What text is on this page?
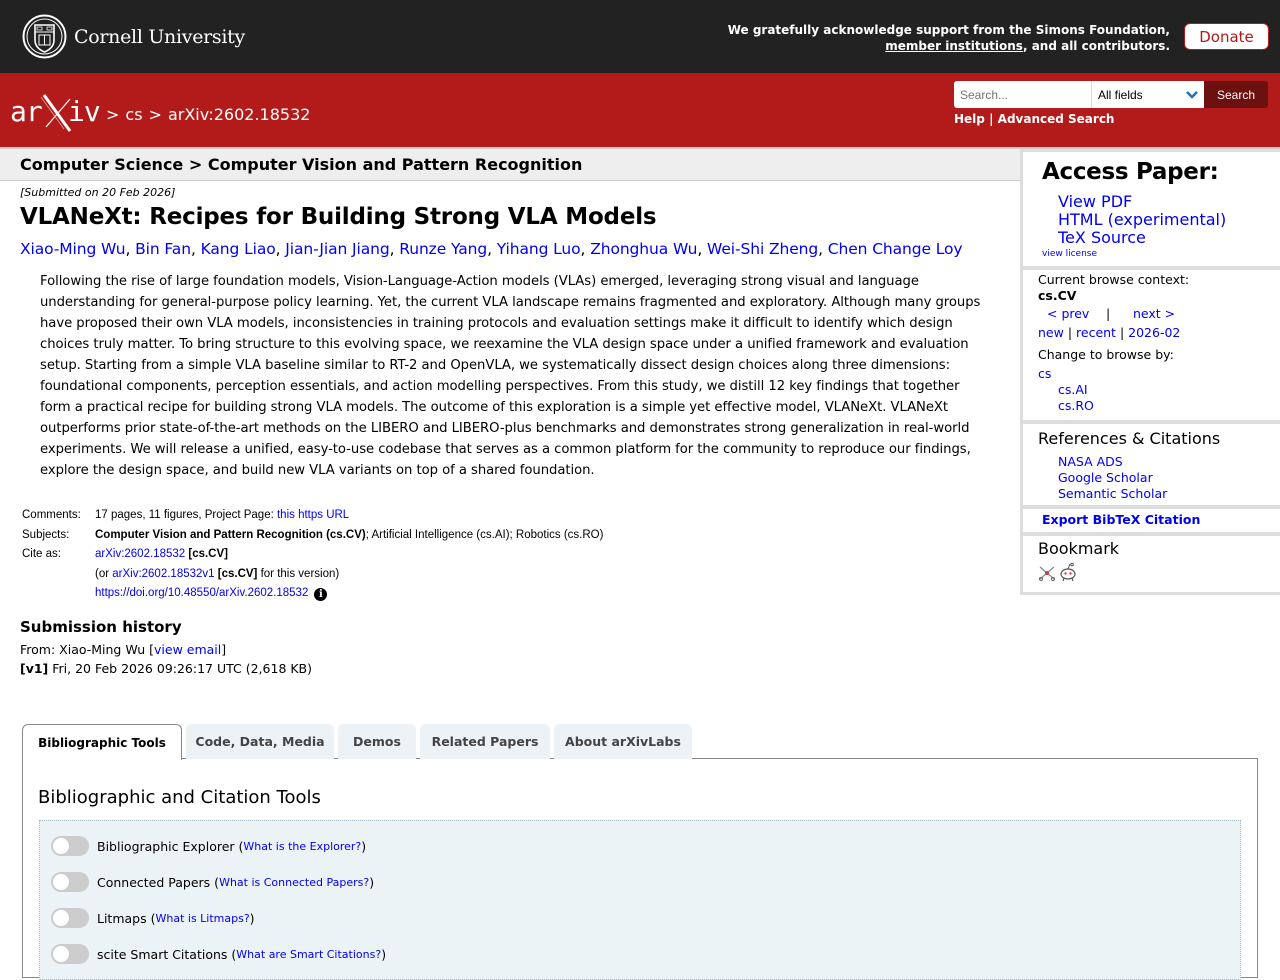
Cornell University	We gratefully acknowledge support from the Simons Foundation,
member institutions, and all contributors.
Donate
ar iv > cs > arXiv:2602.18532
Search...
All fields	Search
Help | Advanced Search
Computer Science > Computer Vision and Pattern Recognition
[Submitted on 20 Feb 2026]
VLANeXt: Recipes for Building Strong VLA Models
Xiao-Ming Wu, Bin Fan, Kang Liao, Jian-Jian Jiang, Runze Yang, Yihang Luo, Zhonghua Wu, Wei-Shi Zheng, Chen Change Loy
Following the rise of large foundation models, Vision-Language-Action models (VLAs) emerged, leveraging strong visual and language understanding for general-purpose policy learning. Yet, the current VLA landscape remains fragmented and exploratory. Although many groups have proposed their own VLA models, inconsistencies in training protocols and evaluation settings make it difficult to identify which design choices truly matter. To bring structure to this evolving space, we reexamine the VLA design space under a unified framework and evaluation setup. Starting from a simple VLA baseline similar to RT-2 and OpenVLA, we systematically dissect design choices along three dimensions: foundational components, perception essentials, and action modelling perspectives. From this study, we distill 12 key findings that together form a practical recipe for building strong VLA models. The outcome of this exploration is a simple yet effective model, VLANeXt. VLANeXt outperforms prior state-of-the-art methods on the LIBERO and LIBERO-plus benchmarks and demonstrates strong generalization in real-world experiments. We will release a unified, easy-to-use codebase that serves as a common platform for the community to reproduce our findings, explore the design space, and build new VLA variants on top of a shared foundation.
Comments:	17 pages, 11 figures, Project Page: this https URL
Subjects:	Computer Vision and Pattern Recognition (cs.CV); Artificial Intelligence (cs.AI); Robotics (cs.RO)
Cite as:	arXiv:2602.18532 [cs.CV]
(or arXiv:2602.18532v1 [cs.CV] for this version)
https://doi.org/10.48550/arXiv.2602.18532 i
Submission history
From: Xiao-Ming Wu [view email]
[v1] Fri, 20 Feb 2026 09:26:17 UTC (2,618 KB)
Bibliographic Tools	Code, Data, Media	Demos	Related Papers	About arXivLabs
Bibliographic and Citation Tools
Bibliographic Explorer ( What is the Explorer? )
Connected Papers ( What is Connected Papers? )
Litmaps ( What is Litmaps? )
scite Smart Citations ( What are Smart Citations? )
Access Paper:
View PDF
HTML (experimental)
TeX Source
view license
Current browse context:
cs.CV
< prev | next >
new | recent | 2026-02
Change to browse by:
cs
cs.AI
cs.RO
References & Citations
NASA ADS
Google Scholar
Semantic Scholar
Export BibTeX Citation
Bookmark
